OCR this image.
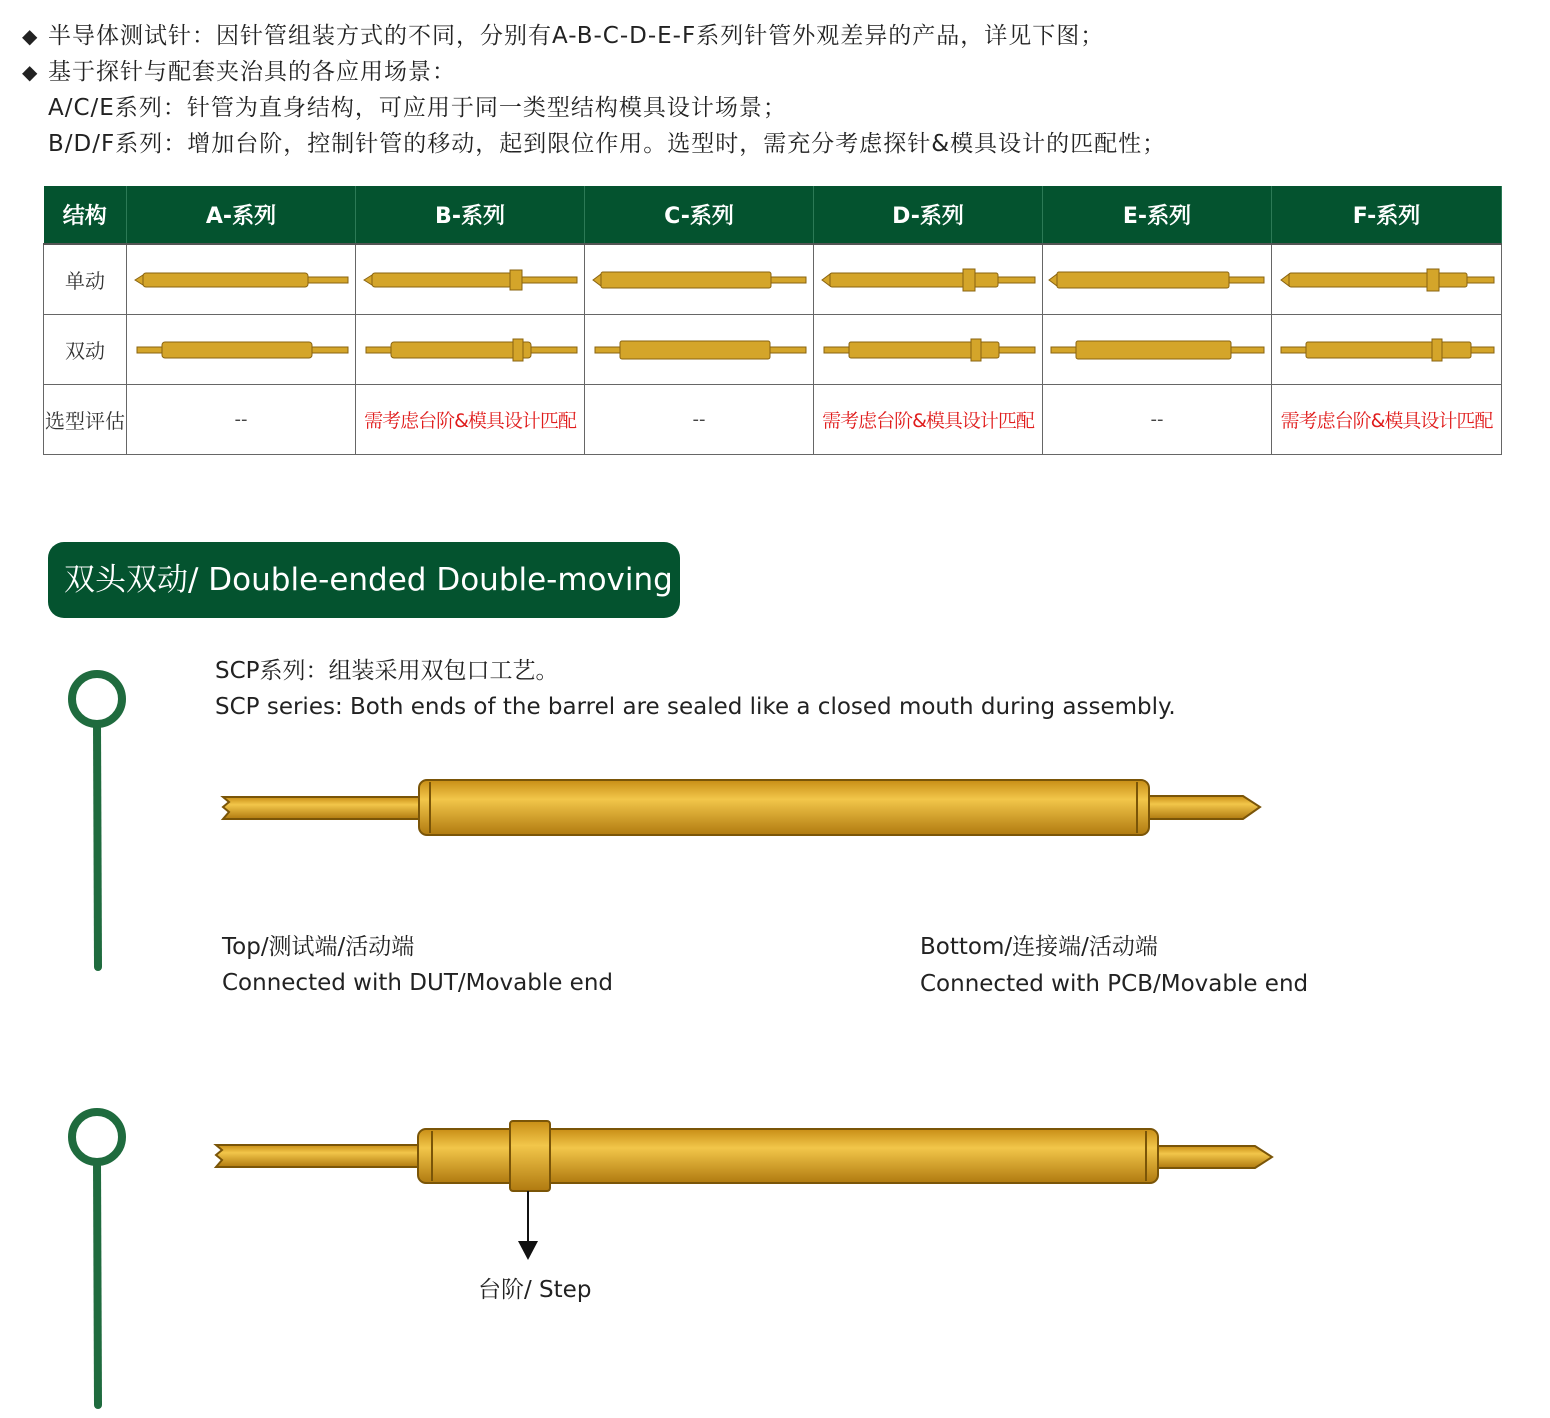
◆ 半导体测试针：因针管组装方式的不同，分别有A-B-C-D-E-F系列针管外观差异的产品，详见下图；
◆ 基于探针与配套夹治具的各应用场景：
A/C/E系列：针管为直身结构，可应用于同一类型结构模具设计场景；
B/D/F系列：增加台阶，控制针管的移动，起到限位作用。选型时，需充分考虑探针&模具设计的匹配性；
结构	A-系列	B-系列	C-系列	D-系列	E-系列	F-系列
单动	

双动	

选型评估	--	需考虑台阶&模具设计匹配	--	需考虑台阶&模具设计匹配	--	需考虑台阶&模具设计匹配
双头双动/ Double-ended Double-moving
SCP系列：组装采用双包口工艺。
SCP series: Both ends of the barrel are sealed like a closed mouth during assembly.
Top/测试端/活动端
Connected with DUT/Movable end
Bottom/连接端/活动端
Connected with PCB/Movable end
台阶/ Step
